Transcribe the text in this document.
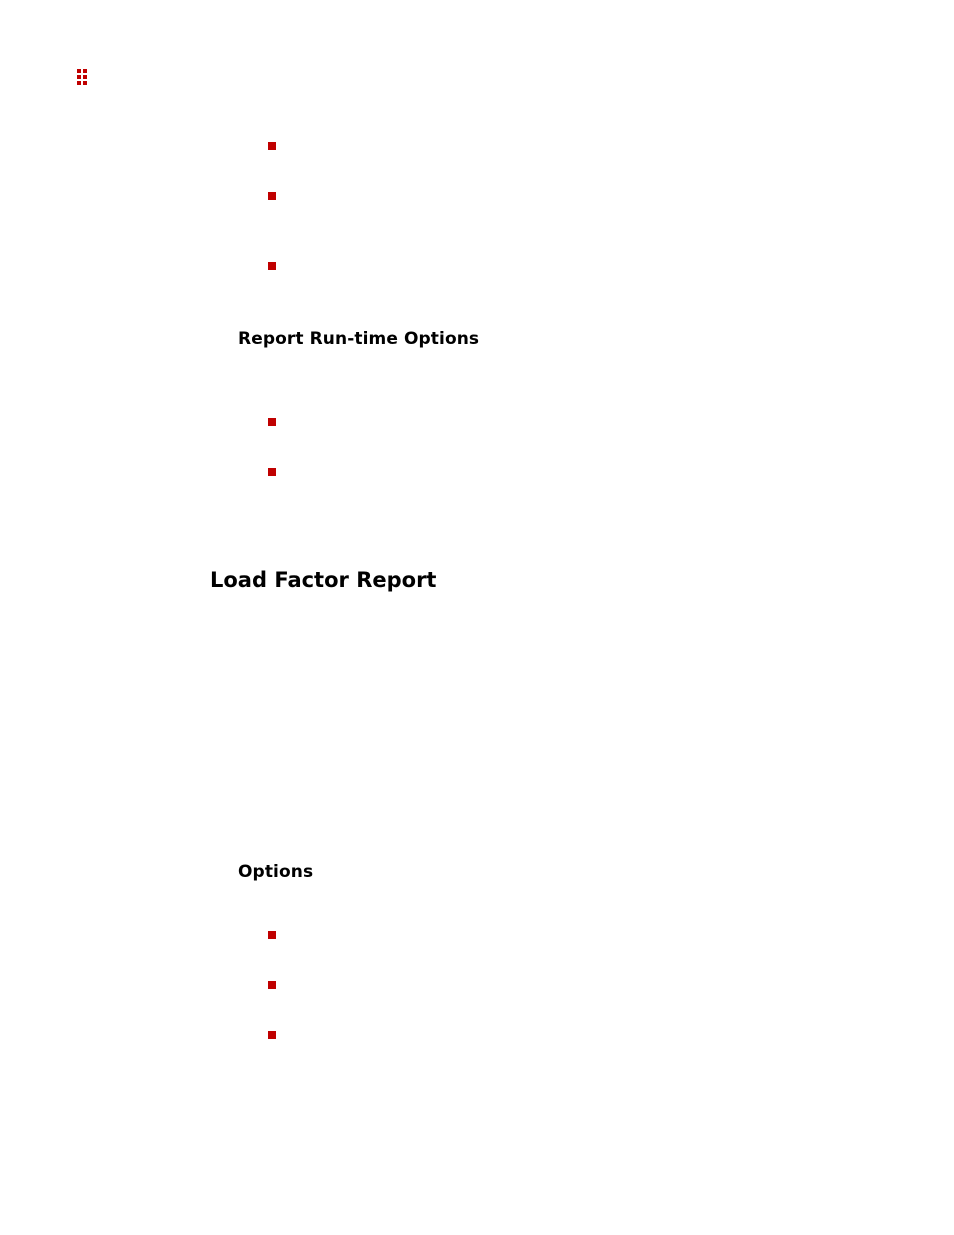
Report Run-time Options
Load Factor Report
Options
